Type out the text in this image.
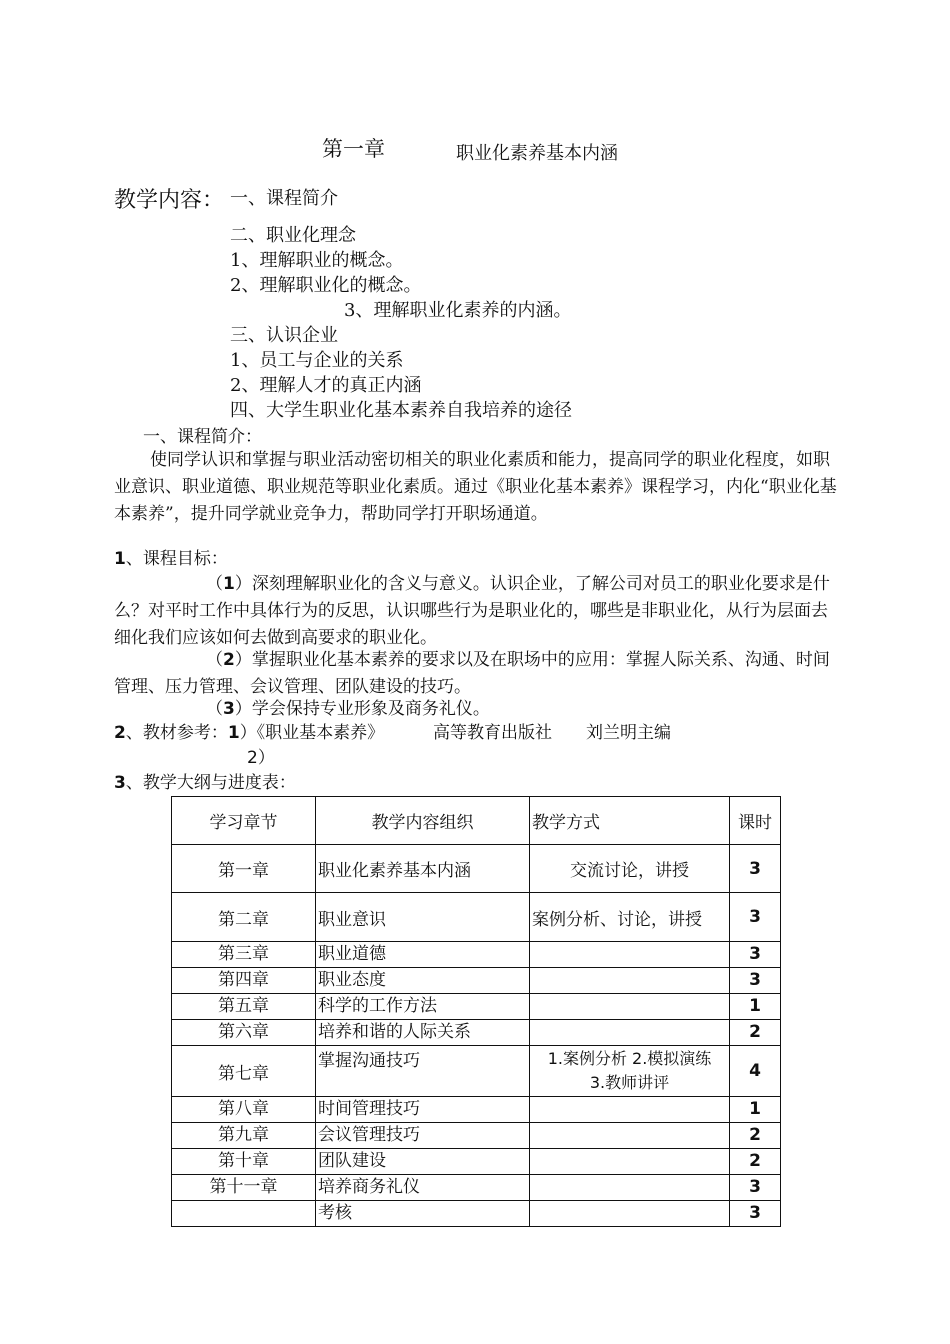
第一章	职业化素养基本内涵
教学内容： 一、课程简介
二、职业化理念
1、理解职业的概念。
2、理解职业化的概念。
3、理解职业化素养的内涵。
三、认识企业
1、员工与企业的关系
2、理解人才的真正内涵
四、大学生职业化基本素养自我培养的途径
一、课程简介：
使同学认识和掌握与职业活动密切相关的职业化素质和能力，提高同学的职业化程度，如职业意识、职业道德、职业规范等职业化素质。通过《职业化基本素养》课程学习，内化“职业化基本素养”，提升同学就业竞争力，帮助同学打开职场通道。
1、课程目标：
（1）深刻理解职业化的含义与意义。认识企业，了解公司对员工的职业化要求是什么？对平时工作中具体行为的反思，认识哪些行为是职业化的，哪些是非职业化，从行为层面去细化我们应该如何去做到高要求的职业化。
（2）掌握职业化基本素养的要求以及在职场中的应用：掌握人际关系、沟通、时间管理、压力管理、会议管理、团队建设的技巧。
（3）学会保持专业形象及商务礼仪。
2、教材参考：1）《职业基本素养》	高等教育出版社 刘兰明主编
2）
3、教学大纲与进度表：
学习章节	教学内容组织	教学方式	课时
第一章	职业化素养基本内涵	交流讨论，讲授	3
第二章	职业意识	案例分析、讨论，讲授	3
第三章	职业道德		3
第四章	职业态度		3
第五章	科学的工作方法		1
第六章	培养和谐的人际关系		2
第七章	掌握沟通技巧	1.案例分析 2.模拟演练
3.教师讲评	4
第八章	时间管理技巧		1
第九章	会议管理技巧		2
第十章	团队建设		2
第十一章	培养商务礼仪		3
	考核		3
